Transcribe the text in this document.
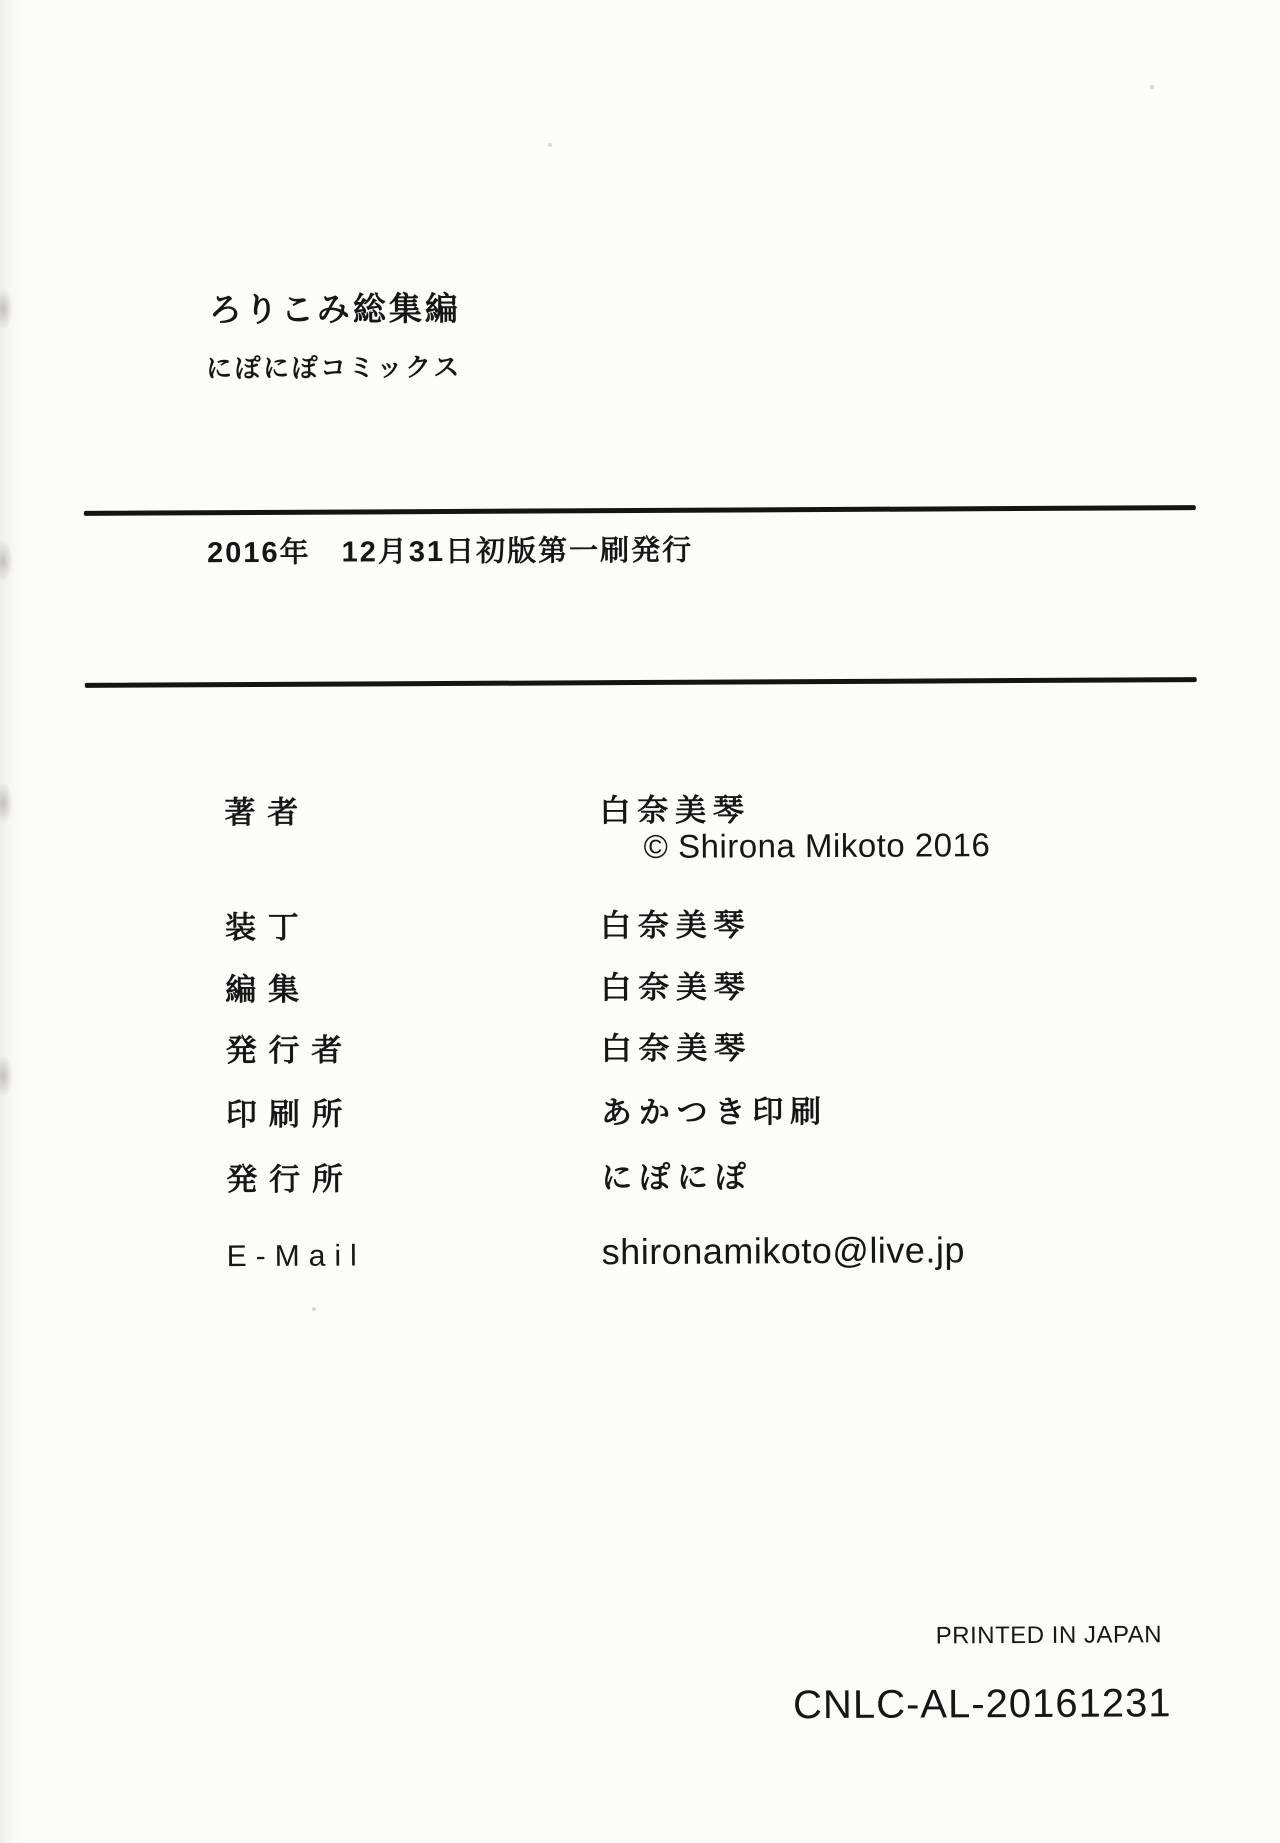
ろりこみ総集編
にぽにぽコミックス
2016年　12月31日初版第一刷発行
著者	白奈美琴
© Shirona Mikoto 2016
装丁	白奈美琴
編集	白奈美琴
発行者	白奈美琴
印刷所	あかつき印刷
発行所	にぽにぽ
E-Mail	shironamikoto@live.jp
PRINTED IN JAPAN
CNLC-AL-20161231
